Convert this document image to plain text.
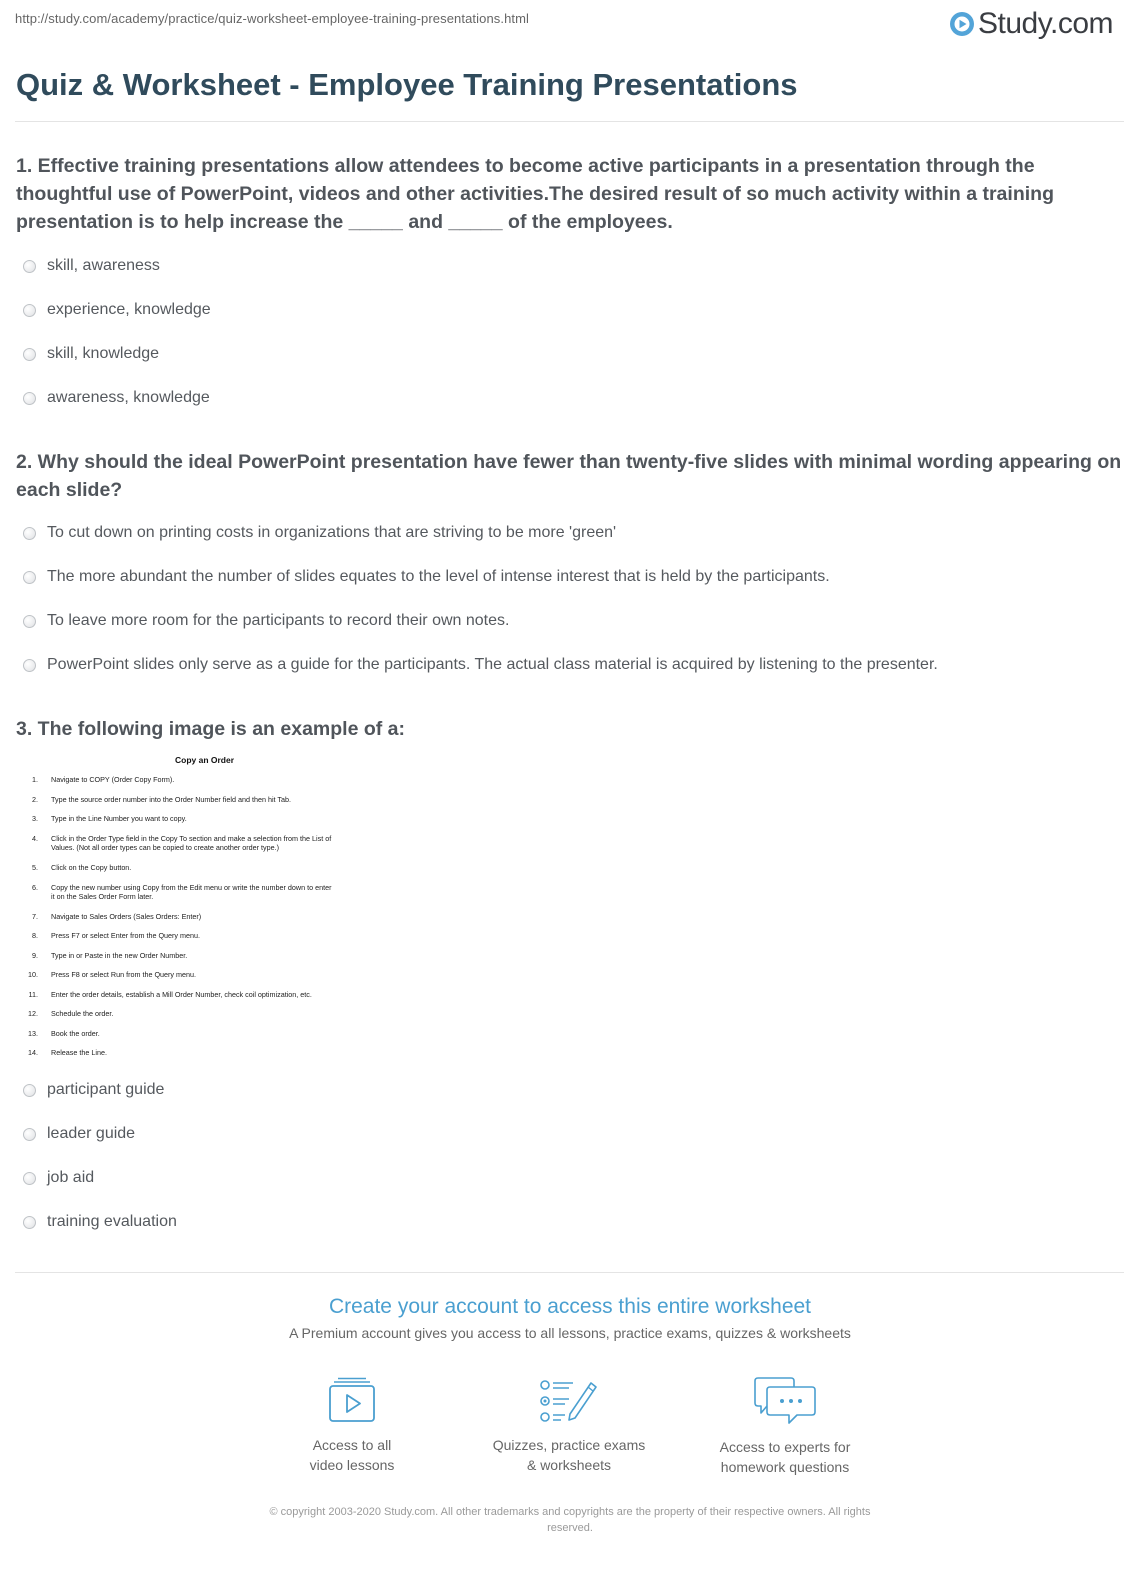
http://study.com/academy/practice/quiz-worksheet-employee-training-presentations.html	Study.com
Quiz & Worksheet - Employee Training Presentations

1. Effective training presentations allow attendees to become active participants in a presentation through the thoughtful use of PowerPoint, videos and other activities.The desired result of so much activity within a training presentation is to help increase the _____ and _____ of the employees.

skill, awareness
experience, knowledge
skill, knowledge
awareness, knowledge

2. Why should the ideal PowerPoint presentation have fewer than twenty-five slides with minimal wording appearing on each slide?

To cut down on printing costs in organizations that are striving to be more 'green'
The more abundant the number of slides equates to the level of intense interest that is held by the participants.
To leave more room for the participants to record their own notes.
PowerPoint slides only serve as a guide for the participants. The actual class material is acquired by listening to the presenter.

3. The following image is an example of a:

Copy an Order
1. Navigate to COPY (Order Copy Form).
2. Type the source order number into the Order Number field and then hit Tab.
3. Type in the Line Number you want to copy.
4. Click in the Order Type field in the Copy To section and make a selection from the List of
Values. (Not all order types can be copied to create another order type.)
5. Click on the Copy button.
6. Copy the new number using Copy from the Edit menu or write the number down to enter
it on the Sales Order Form later.
7. Navigate to Sales Orders (Sales Orders: Enter)
8. Press F7 or select Enter from the Query menu.
9. Type in or Paste in the new Order Number.
10. Press F8 or select Run from the Query menu.
11. Enter the order details, establish a Mill Order Number, check coil optimization, etc.
12. Schedule the order.
13. Book the order.
14. Release the Line.
participant guide
leader guide
job aid
training evaluation
Create your account to access this entire worksheet
A Premium account gives you access to all lessons, practice exams, quizzes & worksheets
Access to all
video lessons
Quizzes, practice exams
& worksheets
Access to experts for
homework questions
© copyright 2003-2020 Study.com. All other trademarks and copyrights are the property of their respective owners. All rights
reserved.
